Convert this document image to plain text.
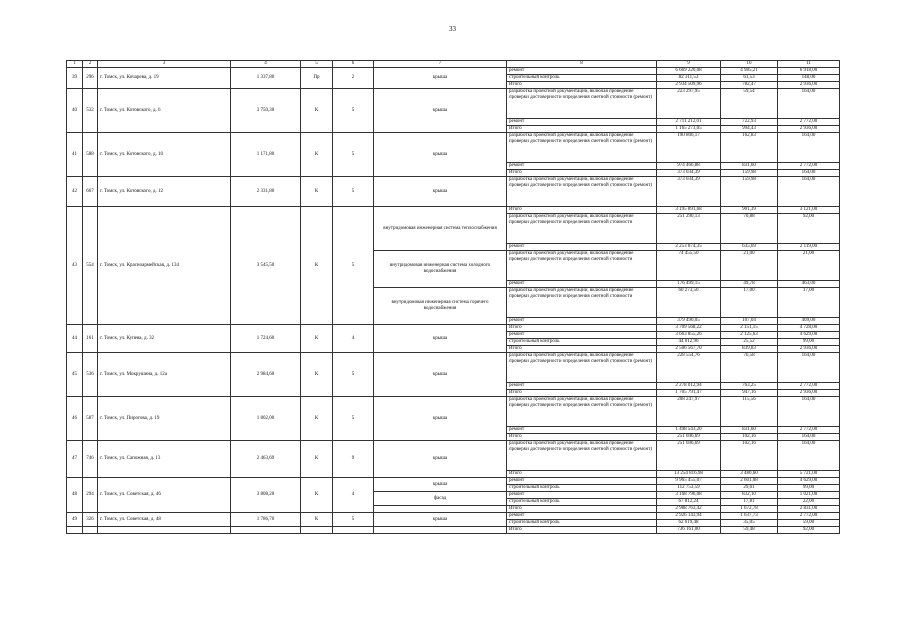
33
1	2	3	4	5	6	7	8	9	10	11
39	296	г. Томск, ул. Кочарева, д. 19	1 337,80	Пр	2	крыша	ремонт	6 669 220,08	4 985,21	6 918,00
							строительный контроль	82 311,53	61,53	148,00
							Итого	2 934 509,96	782,47	2 936,00
40	532	г. Томск, ул. Котовского, д. 6	3 750,30	К	5	крыша	разработка проектной документации, включая проведение проверки достоверности определения сметной стоимости (ремонт)	223 297,95	59,54	164,00
							ремонт	2 711 212,01	722,93	2 772,00
							Итого	1 165 273,05	994,43	2 936,00
41	588	г. Томск, ул. Котовского, д. 10	1 171,80	К	5	крыша	разработка проектной документации, включая проведение проверки достоверности определения сметной стоимости (ремонт)	190 806,17	162,83	164,00
							ремонт	974 466,88	831,60	2 772,00
							Итого	373 034,39	159,98	164,00
42	667	г. Томск, ул. Котовского, д. 12	2 331,80	К	5	крыша	разработка проектной документации, включая проведение проверки достоверности определения сметной стоимости (ремонт)	373 034,39	159,98	164,00
43	554	г. Томск, ул. Красноармейская, д. 134	3 545,50	К	5	внутридомовая инженерная система теплоснабжения	Итого	3 195 891,68	901,39	3 121,00
							разработка проектной документации, включая проведение проверки достоверности определения сметной стоимости	251 290,13	70,88	92,00
							ремонт	2 253 874,35	635,69	2 119,00
						внутридомовая инженерная система холодного водоснабжения	разработка проектной документации, включая проведение проверки достоверности определения сметной стоимости	74 455,50	21,00	21,00
							ремонт	176 499,15	49,78	463,00
						внутридомовая инженерная система горячего водоснабжения	разработка проектной документации, включая проведение проверки достоверности определения сметной стоимости	60 273,50	17,00	17,00
							ремонт	379 490,05	107,04	409,00
44	161	г. Томск, ул. Купева, д. 32	1 724,60	К	4	крыша	Итого	3 709 568,22	2 151,15	4 728,00
							ремонт	3 663 855,26	2 125,63	4 629,00
							строительный контроль	44 012,96	25,52	99,00
							Итого	2 506 567,70	839,83	2 936,00
45	536	г. Томск, ул. Мокрушина, д. 12а	2 984,60	К	5	крыша	разработка проектной документации, включая проведение проверки достоверности определения сметной стоимости (ремонт)	228 554,76	76,58	164,00
							ремонт	2 278 012,94	763,25	2 772,00
							Итого	1 705 791,47	947,16	2 936,00
46	587	г. Томск, ул. Пирогова, д. 19	1 802,00	К	5	крыша	разработка проектной документации, включая проведение проверки достоверности определения сметной стоимости (ремонт)	208 247,97	115,56	164,00
							ремонт	1 498 543,20	831,60	2 772,00
							Итого	251 696,69	102,16	164,00
47	746	г. Томск, ул. Сапожная, д. 13	2 463,69	К	9	крыша	разработка проектной документации, включая проведение проверки достоверности определения сметной стоимости (ремонт)	251 696,69	102,16	164,00
							Итого	13 254 816,98	3 480,60	5 721,00
48	294	г. Томск, ул. Советская, д. 46	3 808,20	К	4	крыша	ремонт	9 965 455,07	2 601,08	4 629,00
							строительный контроль	112 753,59	29,61	99,00
						фасад	ремонт	3 168 796,08	832,10	1 021,00
							строительный контроль	67 812,24	17,81	22,00
							Итого	2 988 763,42	1 672,78	2 831,00
49	326	г. Томск, ул. Советская, д. 48	1 786,70	К	5	крыша	ремонт	2 926 143,94	1 637,73	2 772,00
							строительный контроль	62 619,48	35,05	59,00
							Итого	736 161,00	59,48	92,00
